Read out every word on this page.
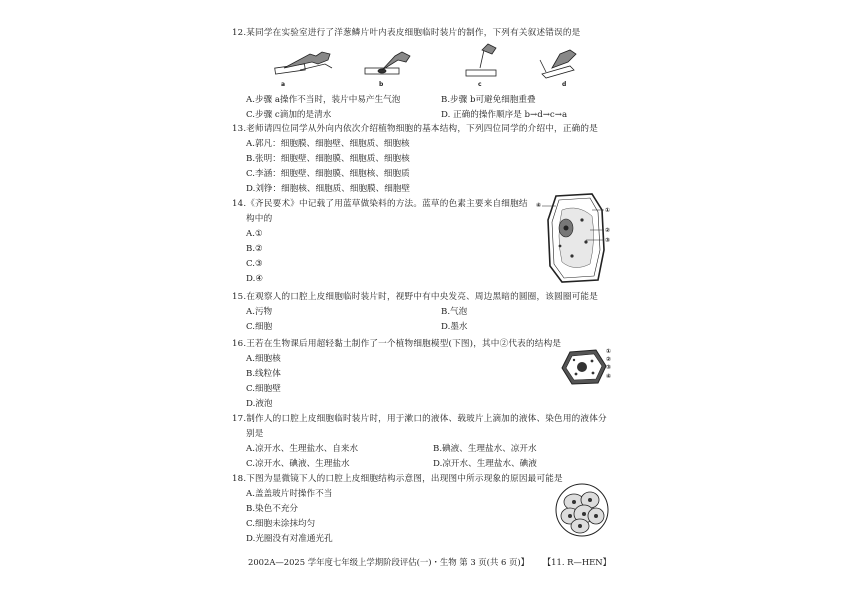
12.某同学在实验室进行了洋葱鳞片叶内表皮细胞临时装片的制作，下列有关叙述错误的是
a	b	c	d
A.步骤 a操作不当时，装片中易产生气泡	B.步骤 b可避免细胞重叠
C.步骤 c滴加的是清水	D. 正确的操作顺序是 b→d→c→a
13.老师请四位同学从外向内依次介绍植物细胞的基本结构，下列四位同学的介绍中，正确的是
A.郭凡：细胞膜、细胞壁、细胞质、细胞核
B.张明：细胞壁、细胞膜、细胞质、细胞核
C.李涵：细胞壁、细胞膜、细胞核、细胞质
D.刘铮：细胞核、细胞质、细胞膜、细胞壁
14.《齐民要术》中记载了用蓝草做染料的方法。蓝草的色素主要来自细胞结
构中的
A.①
B.②
C.③
D.④
④
①
②
③
15.在观察人的口腔上皮细胞临时装片时，视野中有中央发亮、周边黑暗的圆圈，该圆圈可能是
A.污物	B.气泡
C.细胞	D.墨水
16.王若在生物课后用超轻黏土制作了一个植物细胞模型(下图)，其中②代表的结构是
A.细胞核
B.线粒体
C.细胞壁
D.液泡
①
②
③
④
17.制作人的口腔上皮细胞临时装片时，用于漱口的液体、载玻片上滴加的液体、染色用的液体分
别是
A.凉开水、生理盐水、自来水	B.碘液、生理盐水、凉开水
C.凉开水、碘液、生理盐水	D.凉开水、生理盐水、碘液
18.下图为显微镜下人的口腔上皮细胞结构示意图，出现图中所示现象的原因最可能是
A.盖盖玻片时操作不当
B.染色不充分
C.细胞未涂抹均匀
D.光圈没有对准通光孔
2002A—2025 学年度七年级上学期阶段评估(一)・生物 第 3 页(共 6 页)】 【11. R—HEN】
